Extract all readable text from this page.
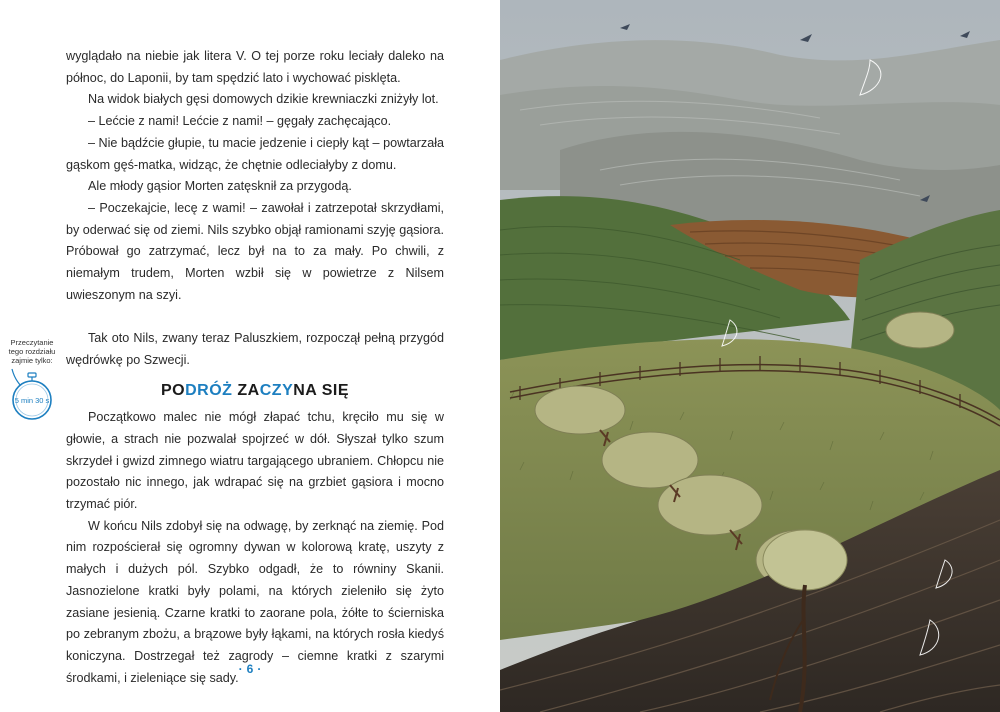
wyglądało na niebie jak litera V. O tej porze roku leciały daleko na północ, do Laponii, by tam spędzić lato i wychować pisklęta.

Na widok białych gęsi domowych dzikie krewniaczki zniżyły lot.

– Lećcie z nami! Lećcie z nami! – gęgały zachęcająco.

– Nie bądźcie głupie, tu macie jedzenie i ciepły kąt – powtarzała gąskom gęś-matka, widząc, że chętnie odleciałyby z domu.

Ale młody gąsior Morten zatęsknił za przygodą.

– Poczekajcie, lecę z wami! – zawołał i zatrzepotał skrzydłami, by oderwać się od ziemi. Nils szybko objął ramionami szyję gąsiora. Próbował go zatrzymać, lecz był na to za mały. Po chwili, z niemałym trudem, Morten wzbił się w powietrze z Nilsem uwieszonym na szyi.

Tak oto Nils, zwany teraz Paluszkiem, rozpoczął pełną przygód wędrówkę po Szwecji.

PODRÓŻ ZACZYNA SIĘ

Początkowo malec nie mógł złapać tchu, kręciło mu się w głowie, a strach nie pozwalał spojrzeć w dół. Słyszał tylko szum skrzydeł i gwizd zimnego wiatru targającego ubraniem. Chłopcu nie pozostało nic innego, jak wdrapać się na grzbiet gąsiora i mocno trzymać piór.

W końcu Nils zdobył się na odwagę, by zerknąć na ziemię. Pod nim rozpościerał się ogromny dywan w kolorową kratę, uszyty z małych i dużych pól. Szybko odgadł, że to równiny Skanii. Jasnozielone kratki były polami, na których zieleniło się żyto zasiane jesienią. Czarne kratki to zaorane pola, żółte to ścierniska po zebranym zbożu, a brązowe były łąkami, na których rosła kiedyś koniczyna. Dostrzegał też zagrody – ciemne kratki z szarymi środkami, i zieleniące się sady.

Przeczytanie tego rozdziału zajmie tylko:
5 min 30 s
· 6 ·
